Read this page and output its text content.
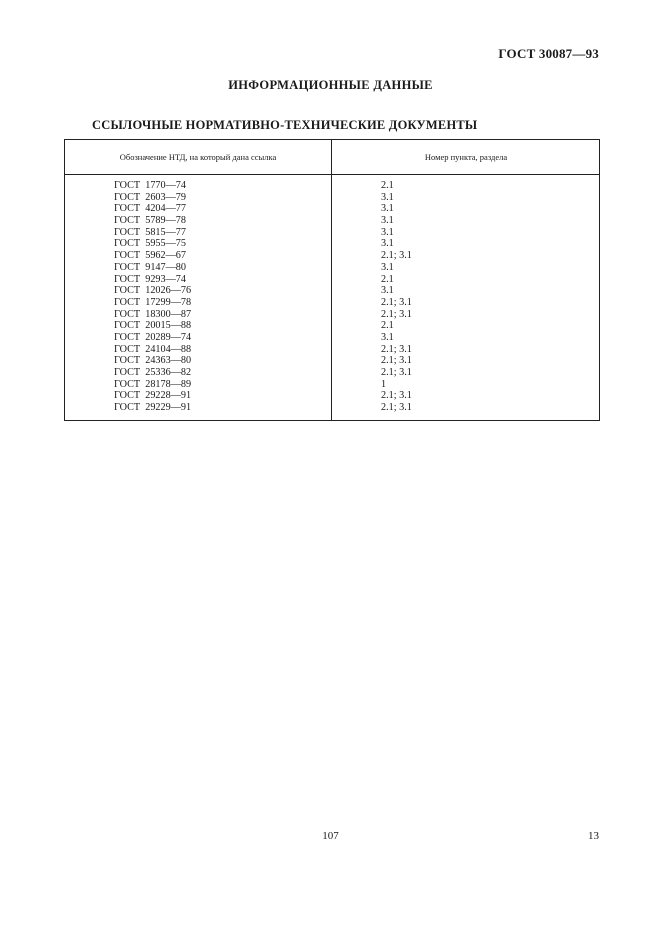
ГОСТ 30087—93
ИНФОРМАЦИОННЫЕ ДАННЫЕ
ССЫЛОЧНЫЕ НОРМАТИВНО-ТЕХНИЧЕСКИЕ ДОКУМЕНТЫ
Обозначение НТД, на который дана ссылка	Номер пункта, раздела
ГОСТ  1770—74	2.1
ГОСТ  2603—79	3.1
ГОСТ  4204—77	3.1
ГОСТ  5789—78	3.1
ГОСТ  5815—77	3.1
ГОСТ  5955—75	3.1
ГОСТ  5962—67	2.1; 3.1
ГОСТ  9147—80	3.1
ГОСТ  9293—74	2.1
ГОСТ  12026—76	3.1
ГОСТ  17299—78	2.1; 3.1
ГОСТ  18300—87	2.1; 3.1
ГОСТ  20015—88	2.1
ГОСТ  20289—74	3.1
ГОСТ  24104—88	2.1; 3.1
ГОСТ  24363—80	2.1; 3.1
ГОСТ  25336—82	2.1; 3.1
ГОСТ  28178—89	1
ГОСТ  29228—91	2.1; 3.1
ГОСТ  29229—91	2.1; 3.1
107	13
